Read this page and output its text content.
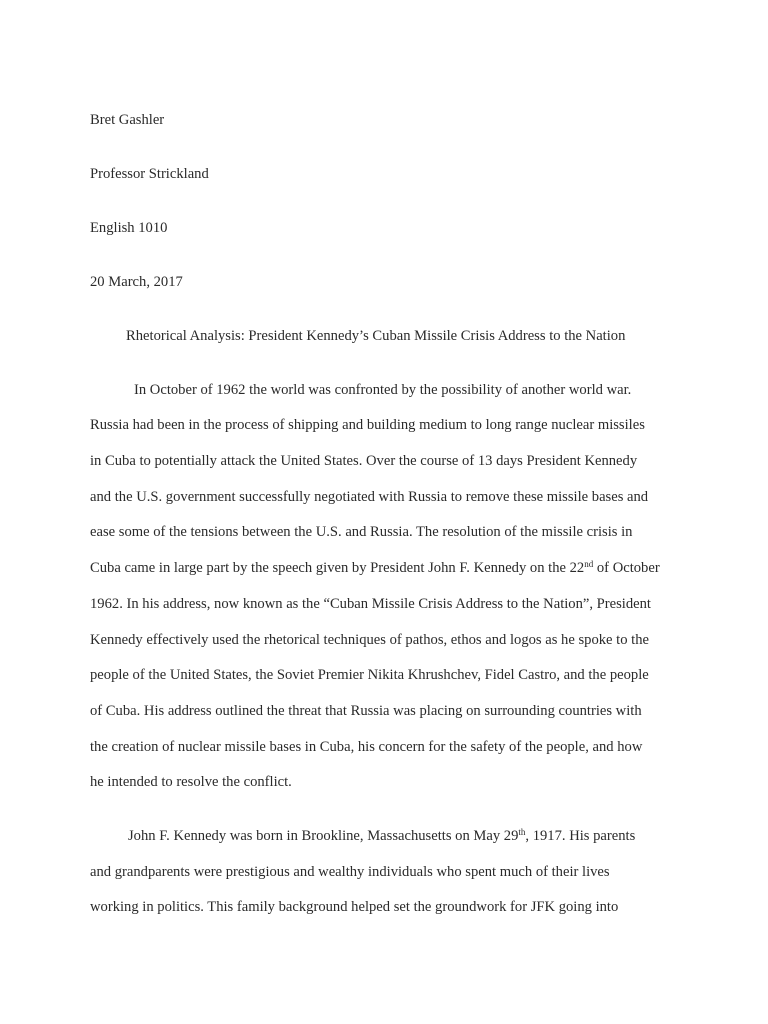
Bret Gashler
Professor Strickland
English 1010
20 March, 2017
Rhetorical Analysis: President Kennedy’s Cuban Missile Crisis Address to the Nation
In October of 1962 the world was confronted by the possibility of another world war.
Russia had been in the process of shipping and building medium to long range nuclear missiles
in Cuba to potentially attack the United States. Over the course of 13 days President Kennedy
and the U.S. government successfully negotiated with Russia to remove these missile bases and
ease some of the tensions between the U.S. and Russia. The resolution of the missile crisis in
Cuba came in large part by the speech given by President John F. Kennedy on the 22nd of October
1962. In his address, now known as the “Cuban Missile Crisis Address to the Nation”, President
Kennedy effectively used the rhetorical techniques of pathos, ethos and logos as he spoke to the
people of the United States, the Soviet Premier Nikita Khrushchev, Fidel Castro, and the people
of Cuba. His address outlined the threat that Russia was placing on surrounding countries with
the creation of nuclear missile bases in Cuba, his concern for the safety of the people, and how
he intended to resolve the conflict.
John F. Kennedy was born in Brookline, Massachusetts on May 29th, 1917. His parents
and grandparents were prestigious and wealthy individuals who spent much of their lives
working in politics. This family background helped set the groundwork for JFK going into
